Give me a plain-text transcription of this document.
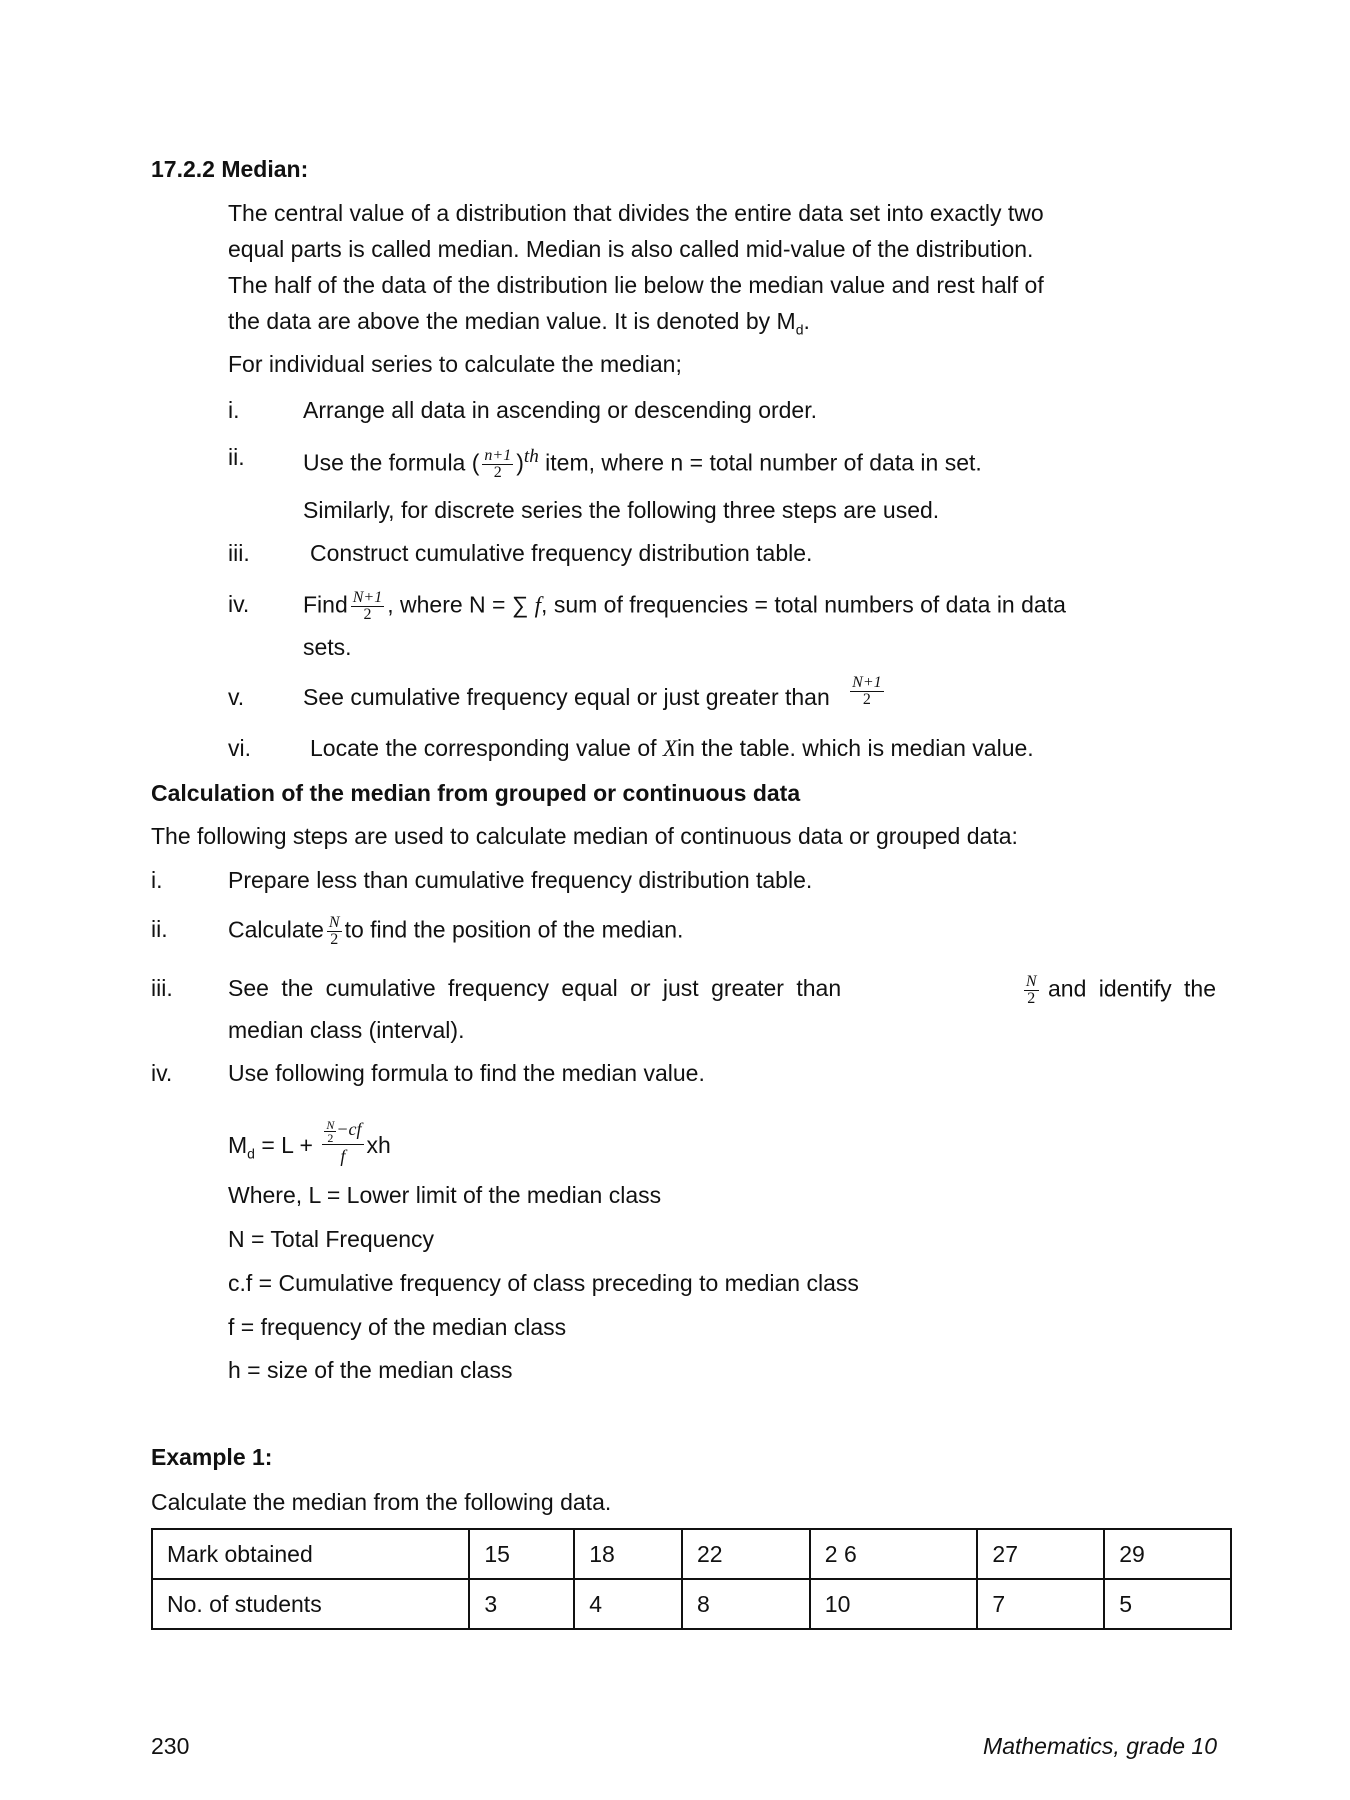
17.2.2 Median:
The central value of a distribution that divides the entire data set into exactly two
equal parts is called median. Median is also called mid-value of the distribution.
The half of the data of the distribution lie below the median value and rest half of
the data are above the median value. It is denoted by $M_d$.
For individual series to calculate the median;
i.	Arrange all data in ascending or descending order.
ii.	Use the formula ( $\frac{n+1}{2} )^{th}$ item, where n = total number of data in set.
Similarly, for discrete series the following three steps are used.
iii.	Construct cumulative frequency distribution table.
iv. Find $\frac{N+1}{2}$ , where N = ∑ f, sum of frequencies = total numbers of data in data
sets.
v.	See cumulative frequency equal or just greater than $\frac{N+1}{2}$
vi.	Locate the corresponding value of Xin the table. which is median value.
Calculation of the median from grouped or continuous data
The following steps are used to calculate median of continuous data or grouped data:
i.	Prepare less than cumulative frequency distribution table.
ii.	Calculate $\frac{N}{2}$ to find the position of the median.
iii. See the cumulative frequency equal or just greater than	$\frac{N}{2}$ and identify the
median class (interval).
iv. Use following formula to find the median value.
$M_d = L + \frac{\frac{N}{2} -cf}{f}$ xh
Where, L = Lower limit of the median class
N = Total Frequency
c.f = Cumulative frequency of class preceding to median class
f = frequency of the median class
h = size of the median class
Example 1:
Calculate the median from the following data.
Mark obtained	15	18	22	2 6	27	29
No. of students	3	4	8	10	7	5
230	Mathematics, grade 10
